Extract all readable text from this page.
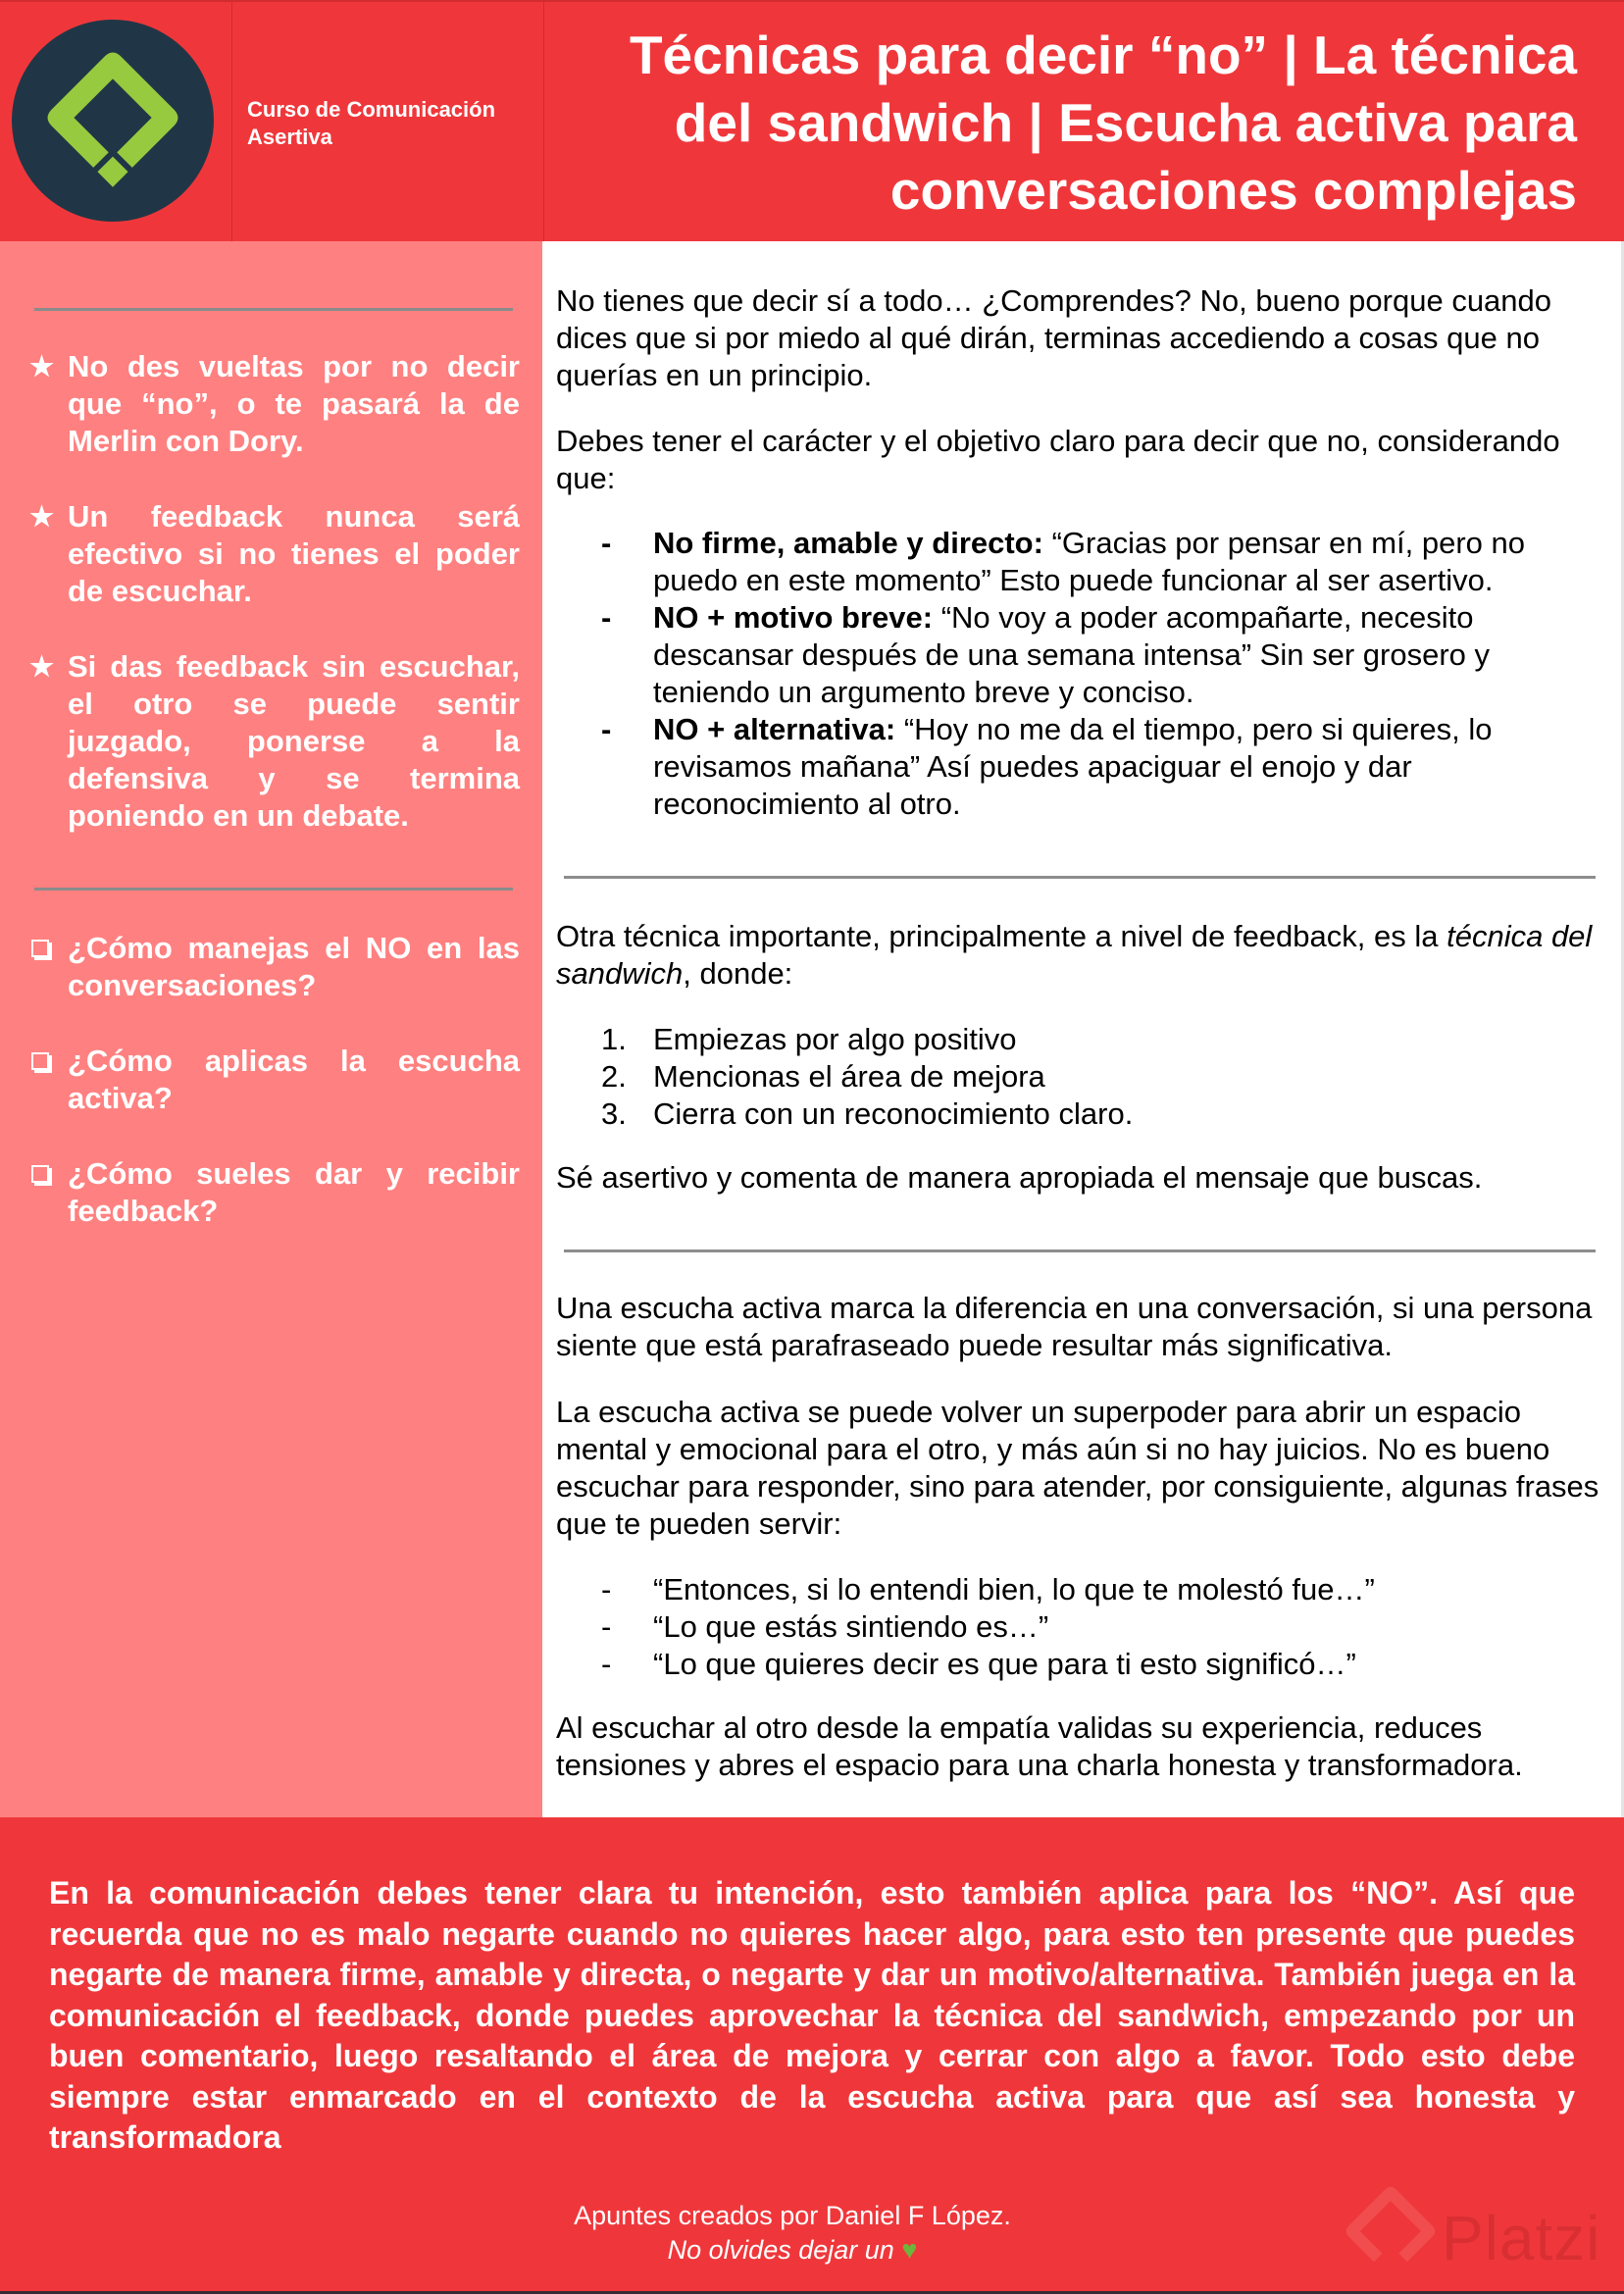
Curso de Comunicación
Asertiva
Técnicas para decir “no” | La técnica
del sandwich | Escucha activa para
conversaciones complejas
★ No des vueltas por no decir que “no”, o te pasará la de Merlin con Dory.
★ Un feedback nunca será efectivo si no tienes el poder de escuchar.
★ Si das feedback sin escuchar, el otro se puede sentir juzgado, ponerse a la defensiva y se termina poniendo en un debate.
¿Cómo manejas el NO en las conversaciones?
¿Cómo aplicas la escucha activa?
¿Cómo sueles dar y recibir feedback?

No tienes que decir sí a todo… ¿Comprendes? No, bueno porque cuando dices que si por miedo al qué dirán, terminas accediendo a cosas que no querías en un principio.

Debes tener el carácter y el objetivo claro para decir que no, considerando que:

- No firme, amable y directo: “Gracias por pensar en mí, pero no puedo en este momento” Esto puede funcionar al ser asertivo.
- NO + motivo breve: “No voy a poder acompañarte, necesito descansar después de una semana intensa” Sin ser grosero y teniendo un argumento breve y conciso.
- NO + alternativa: “Hoy no me da el tiempo, pero si quieres, lo revisamos mañana” Así puedes apaciguar el enojo y dar reconocimiento al otro.

Otra técnica importante, principalmente a nivel de feedback, es la técnica del sandwich, donde:

1. Empiezas por algo positivo
2. Mencionas el área de mejora
3. Cierra con un reconocimiento claro.

Sé asertivo y comenta de manera apropiada el mensaje que buscas.

Una escucha activa marca la diferencia en una conversación, si una persona siente que está parafraseado puede resultar más significativa.

La escucha activa se puede volver un superpoder para abrir un espacio mental y emocional para el otro, y más aún si no hay juicios. No es bueno escuchar para responder, sino para atender, por consiguiente, algunas frases que te pueden servir:

- “Entonces, si lo entendi bien, lo que te molestó fue…”
- “Lo que estás sintiendo es…”
- “Lo que quieres decir es que para ti esto significó…”

Al escuchar al otro desde la empatía validas su experiencia, reduces tensiones y abres el espacio para una charla honesta y transformadora.

En la comunicación debes tener clara tu intención, esto también aplica para los “NO”. Así que recuerda que no es malo negarte cuando no quieres hacer algo, para esto ten presente que puedes negarte de manera firme, amable y directa, o negarte y dar un motivo/alternativa. También juega en la comunicación el feedback, donde puedes aprovechar la técnica del sandwich, empezando por un buen comentario, luego resaltando el área de mejora y cerrar con algo a favor. Todo esto debe siempre estar enmarcado en el contexto de la escucha activa para que así sea honesta y transformadora

Platzi
Apuntes creados por Daniel F López.
No olvides dejar un ♥
